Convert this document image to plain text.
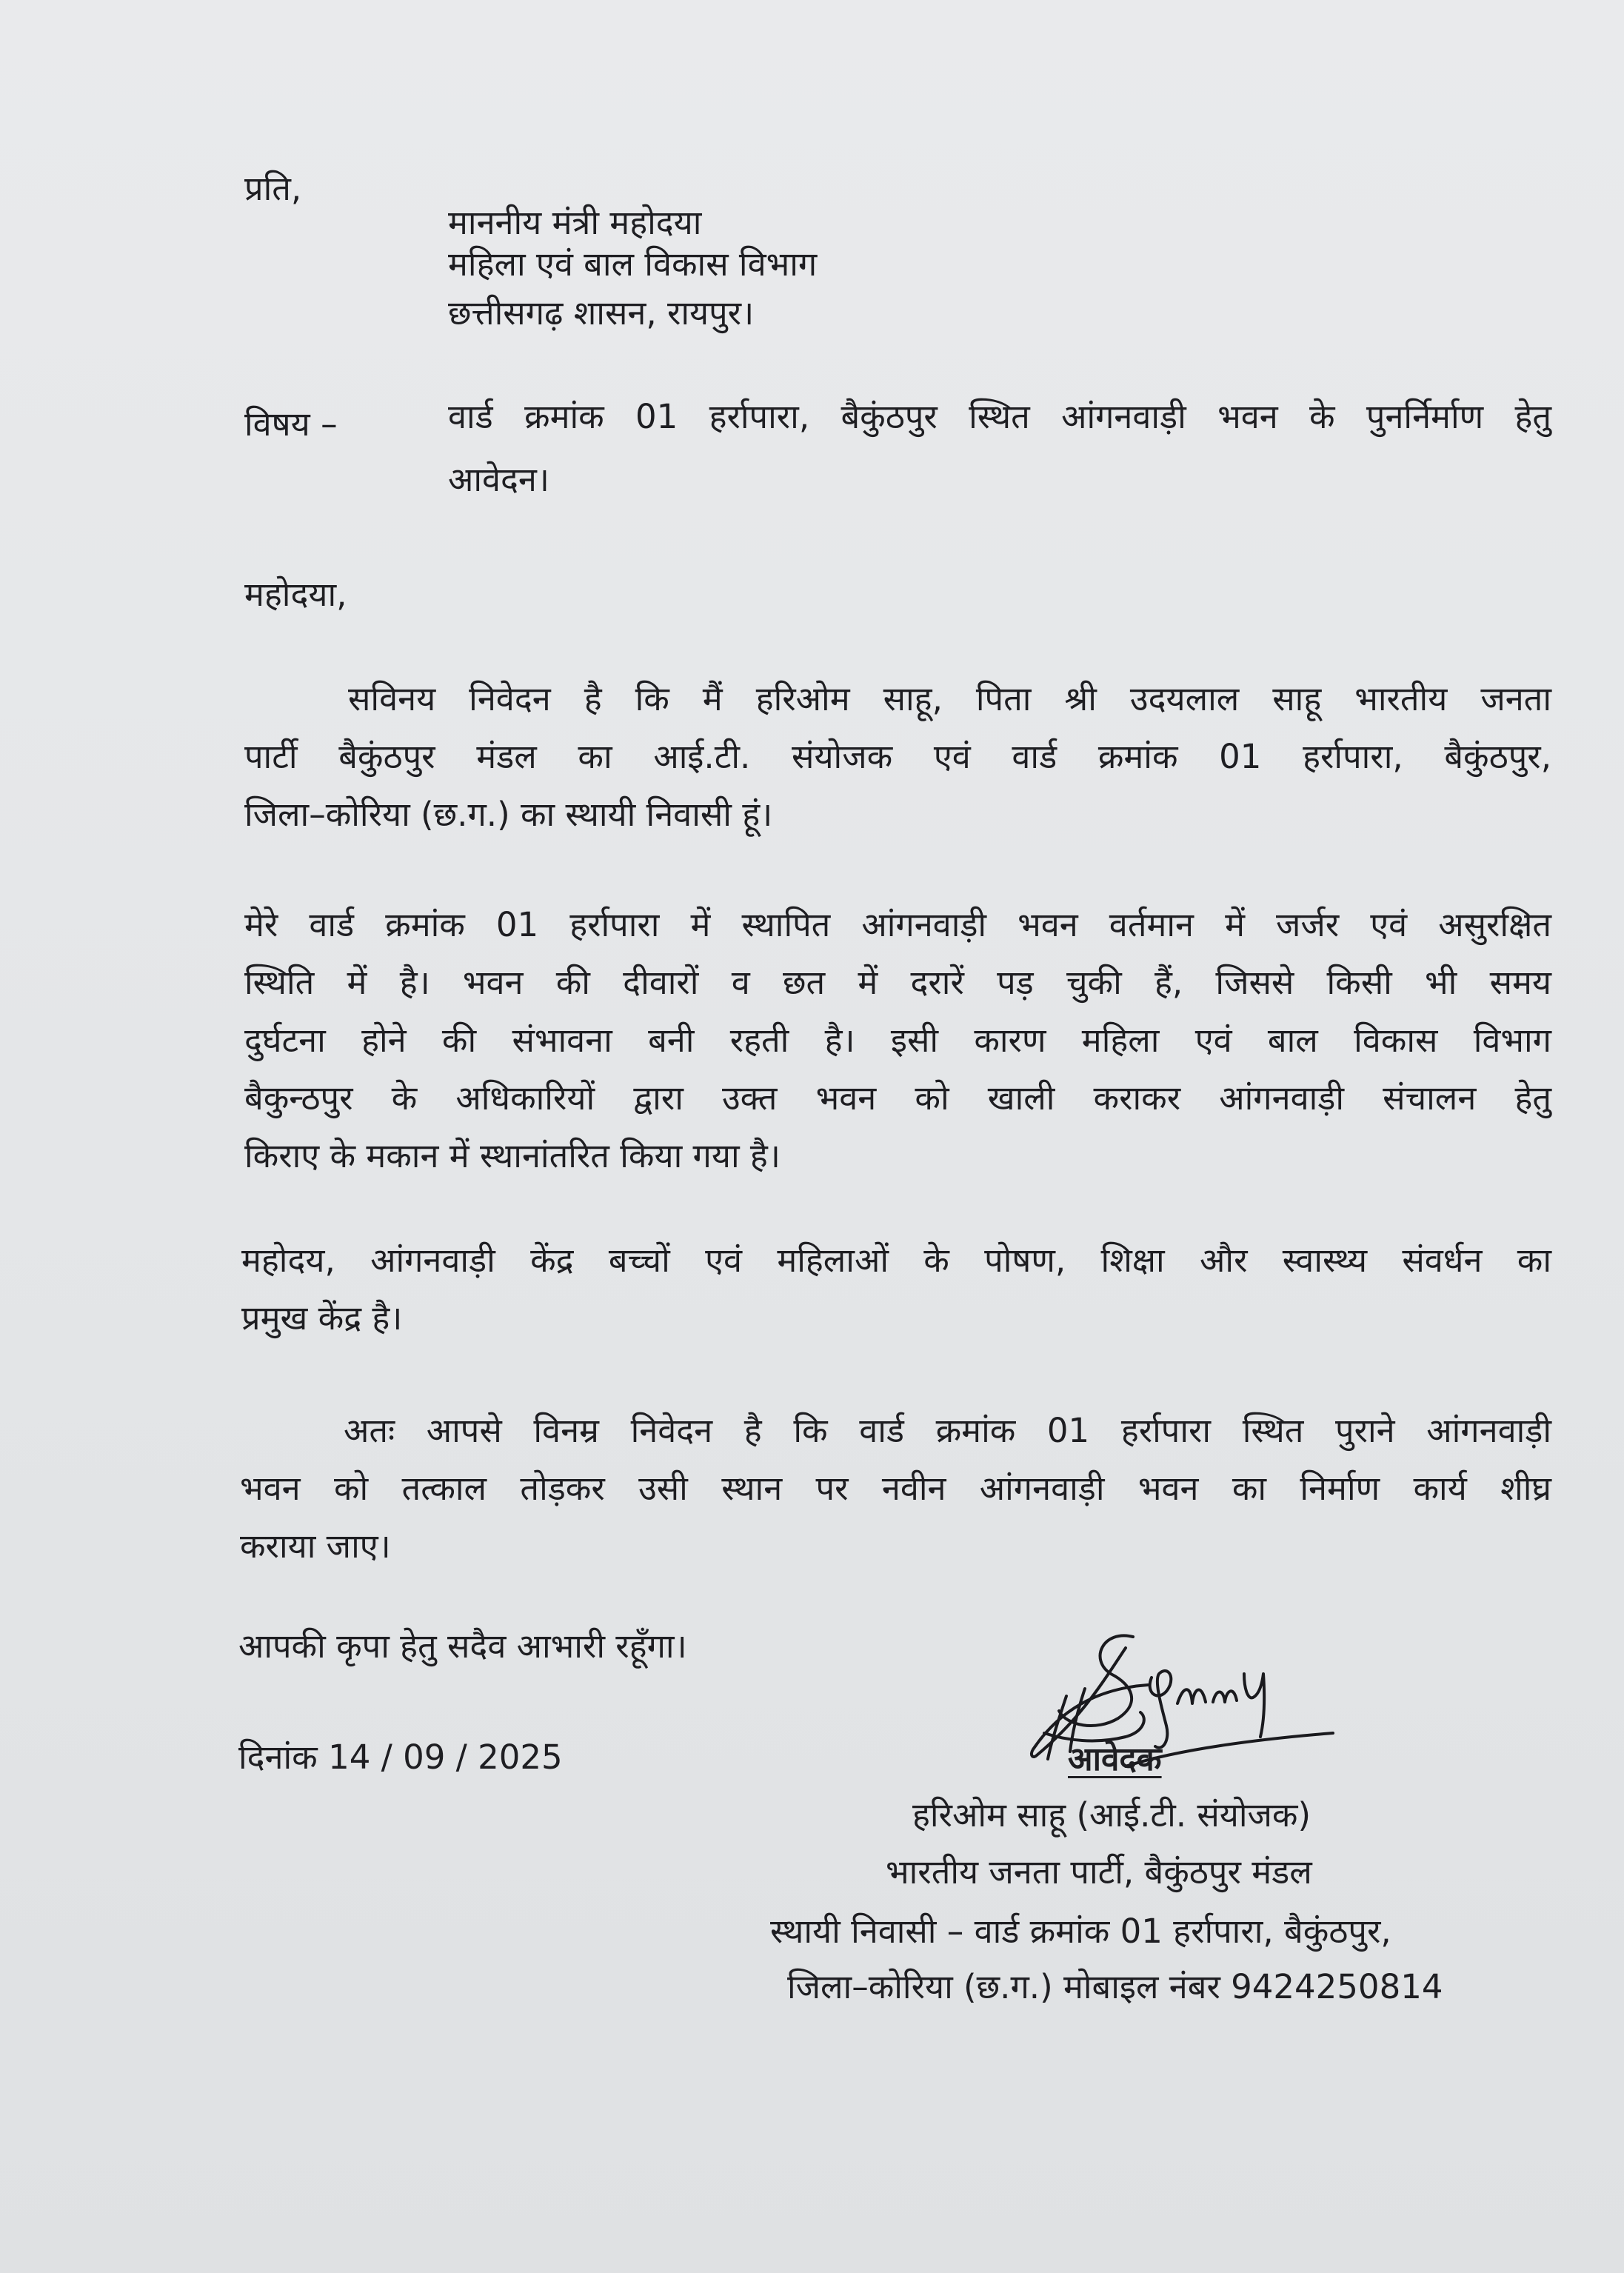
प्रति,
माननीय मंत्री महोदया
महिला एवं बाल विकास विभाग
छत्तीसगढ़ शासन, रायपुर।
विषय –	वार्ड क्रमांक 01 हर्रापारा, बैकुंठपुर स्थित आंगनवाड़ी भवन के पुनर्निर्माण हेतु
आवेदन।
महोदया,
सविनय निवेदन है कि मैं हरिओम साहू, पिता श्री उदयलाल साहू भारतीय जनता
पार्टी बैकुंठपुर मंडल का आई.टी. संयोजक एवं वार्ड क्रमांक 01 हर्रापारा, बैकुंठपुर,
जिला–कोरिया (छ.ग.) का स्थायी निवासी हूं।
मेरे वार्ड क्रमांक 01 हर्रापारा में स्थापित आंगनवाड़ी भवन वर्तमान में जर्जर एवं असुरक्षित
स्थिति में है। भवन की दीवारों व छत में दरारें पड़ चुकी हैं, जिससे किसी भी समय
दुर्घटना होने की संभावना बनी रहती है। इसी कारण महिला एवं बाल विकास विभाग
बैकुन्ठपुर के अधिकारियों द्वारा उक्त भवन को खाली कराकर आंगनवाड़ी संचालन हेतु
किराए के मकान में स्थानांतरित किया गया है।
महोदय, आंगनवाड़ी केंद्र बच्चों एवं महिलाओं के पोषण, शिक्षा और स्वास्थ्य संवर्धन का
प्रमुख केंद्र है।
अतः आपसे विनम्र निवेदन है कि वार्ड क्रमांक 01 हर्रापारा स्थित पुराने आंगनवाड़ी
भवन को तत्काल तोड़कर उसी स्थान पर नवीन आंगनवाड़ी भवन का निर्माण कार्य शीघ्र
कराया जाए।
आपकी कृपा हेतु सदैव आभारी रहूँगा।
दिनांक 14 / 09 / 2025	आवेदक
हरिओम साहू (आई.टी. संयोजक)
भारतीय जनता पार्टी, बैकुंठपुर मंडल
स्थायी निवासी – वार्ड क्रमांक 01 हर्रापारा, बैकुंठपुर,
जिला–कोरिया (छ.ग.) मोबाइल नंबर 9424250814
